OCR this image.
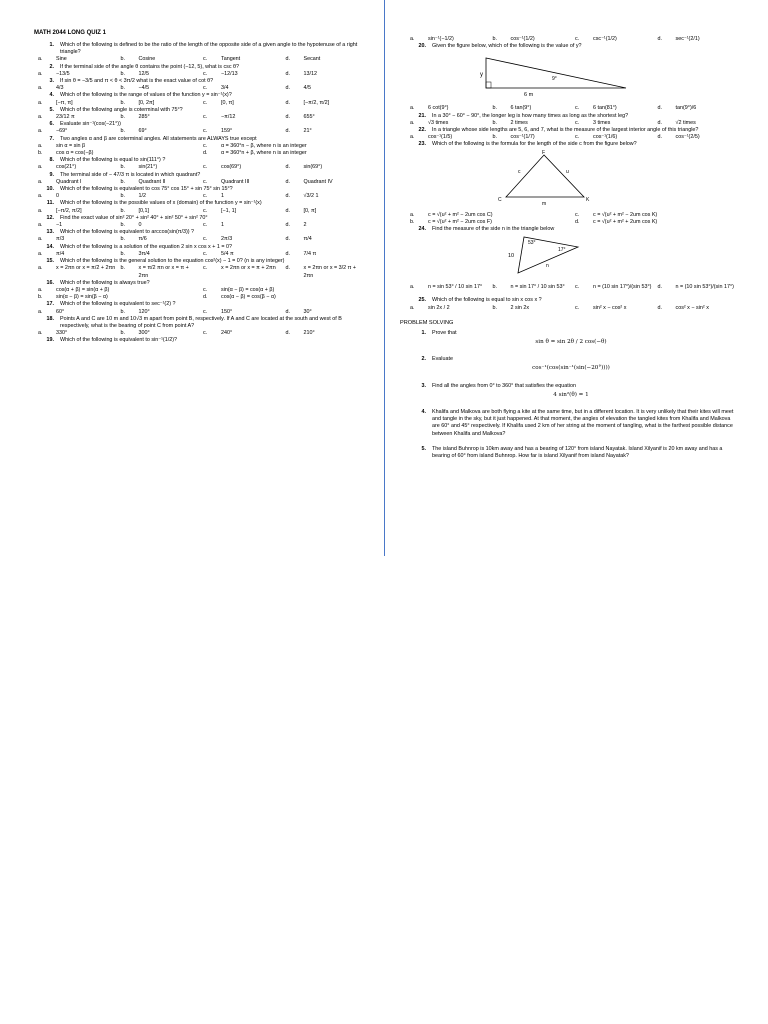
MATH 2044 LONG QUIZ 1
1.	Which of the following is defined to be the ratio of the length of the opposite side of a given angle to the hypotenuse of a right triangle?
a.	Sine	b.	Cosine	c.	Tangent	d.	Secant
2.	If the terminal side of the angle θ contains the point (−12, 5), what is csc θ?
a.	−13/5	b.	12/5	c.	−12/13	d.	13/12
3.	If sin θ = −3/5 and π < θ < 3π/2 what is the exact value of cot θ?
a.	4/3	b.	−4/5	c.	3/4	d.	4/5
4.	Which of the following is the range of values of the function y = sin⁻¹(x)?
a.	[−π, π]	b.	[0, 2π]	c.	[0, π]	d.	[−π/2, π/2]
5.	Which of the following angle is coterminal with 75°?
a.	23/12 π	b.	285°	c.	−π/12	d.	655°
6.	Evaluate sin⁻¹(cos(−21°))
a.	−69°	b.	69°	c.	159°	d.	21°
7.	Two angles α and β are coterminal angles. All statements are ALWAYS true except
a.	sin α = sin β	c.	α = 360°n − β, where n is an integer
b.	cos α = cos(−β)	d.	α = 360°n + β, where n is an integer
8.	Which of the following is equal to sin(111°) ?
a.	cos(21°)	b.	sin(21°)	c.	cos(69°)	d.	sin(69°)
9.	The terminal side of − 47/3 π is located in which quadrant?
a.	Quadrant I	b.	Quadrant II	c.	Quadrant III	d.	Quadrant IV
10.	Which of the following is equivalent to cos 75° cos 15° + sin 75° sin 15°?
a.	0	b.	1/2	c.	1	d.	√3/2 1
11.	Which of the following is the possible values of x (domain) of the function y = sin⁻¹(x)
a.	[−π/2, π/2]	b.	[0,1]	c.	[−1, 1]	d.	[0, π]
12.	Find the exact value of sin² 20° + sin² 40° + sin² 50° + sin² 70°
a.	−1	b.	0	c.	1	d.	2
13.	Which of the following is equivalent to arccos(sin(π/3)) ?
a.	π/3	b.	π/6	c.	2π/3	d.	π/4
14.	Which of the following is a solution of the equation 2 sin x cos x + 1 = 0?
a.	π/4	b.	3π/4	c.	5/4 π	d.	7/4 π
15.	Which of the following is the general solution to the equation cos²(x) − 1 = 0? (n is any integer)
a.	x = 2πn or x = π/2 + 2πn b.	x = π/2 πn or x = π + 2πn
c.	x = 2πn or x = π + 2πn	d.	x = 2πn or x = 3/2 π + 2πn
16.	Which of the following is always true?
a.	cos(α + β) = sin(α + β)	c.	sin(α − β) = cos(α + β)
b.	sin(α − β) = sin(β − α)	d.	cos(α − β) = cos(β − α)
17.	Which of the following is equivalent to sec⁻¹(2) ?
a.	60°	b.	120°	c.	150°	d.	30°
18.	Points A and C are 10 m and 10√3 m apart from point B, respectively. If A and C are located at the south and west of B respectively, what is the bearing of point C from point A?
a.	330°	b.	300°	c.	240°	d.	210°
19.	Which of the following is equivalent to sin⁻¹(1/2)?
a.	sin⁻¹(−1/2)	b.	cos⁻¹(1/2)	c.	csc⁻¹(1/2)	d.	sec⁻¹(2/1)
20.	Given the figure below, which of the following is the value of y?
y
9°
6 m
a.	6 cot(9°)	b.	6 tan(9°)	c.	6 tan(81°)	d.	tan(9°)/6
21.	In a 30° − 60° − 90°, the longer leg is how many times as long as the shortest leg?
a.	√3 times	b.	2 times	c.	3 times	d.	√2 times
22.	In a triangle whose side lengths are 5, 6, and 7, what is the measure of the largest interior angle of this triangle?
a.	cos⁻¹(1/5)	b.	cos⁻¹(1/7)	c.	cos⁻¹(1/6)	d.	cos⁻¹(2/5)
23.	Which of the following is the formula for the length of the side c from the figure below?
F
c	u
C	K
m
a.	c = √(u² + m² − 2um cos C)	c.	c = √(u² + m² − 2um cos K)
b.	c = √(u² + m² − 2um cos F)	d.	c = √(u² + m² + 2um cos K)
24.	Find the measure of the side n in the triangle below
10
53°
17°
n
a.	n = sin 53° / 10 sin 17°	b.	n = sin 17° / 10 sin 53°	c.	n = (10 sin 17°)/(sin 53°)	d.	n = (10 sin 53°)/(sin 17°)
25.	Which of the following is equal to sin x cos x ?
a.	sin 2x / 2	b.	2 sin 2x	c.	sin² x − cos² x	d.	cos² x − sin² x
PROBLEM SOLVING
1.	Prove that
sin θ = sin 2θ / 2 cos(−θ)
2.	Evaluate
cos⁻¹(cos(sin⁻¹(sin(−20°))))
3.	Find all the angles from 0° to 360° that satisfies the equation
4 sin²(θ) = 1
4.	Khalifa and Malkova are both flying a kite at the same time, but in a different location. It is very unlikely that their kites will meet and tangle in the sky, but it just happened. At that moment, the angles of elevation the tangled kites from Khalifa and Malkova are 60° and 45° respectively. If Khalifa used 2 km of her string at the moment of tangling, what is the farthest possible distance between Khalifa and Malkova?
5.	The island Buhnrop is 10km away and has a bearing of 120° from island Nayatak. Island Xilyanif is 20 km away and has a bearing of 60° from island Buhnrop. How far is island Xilyanif from island Nayatak?
